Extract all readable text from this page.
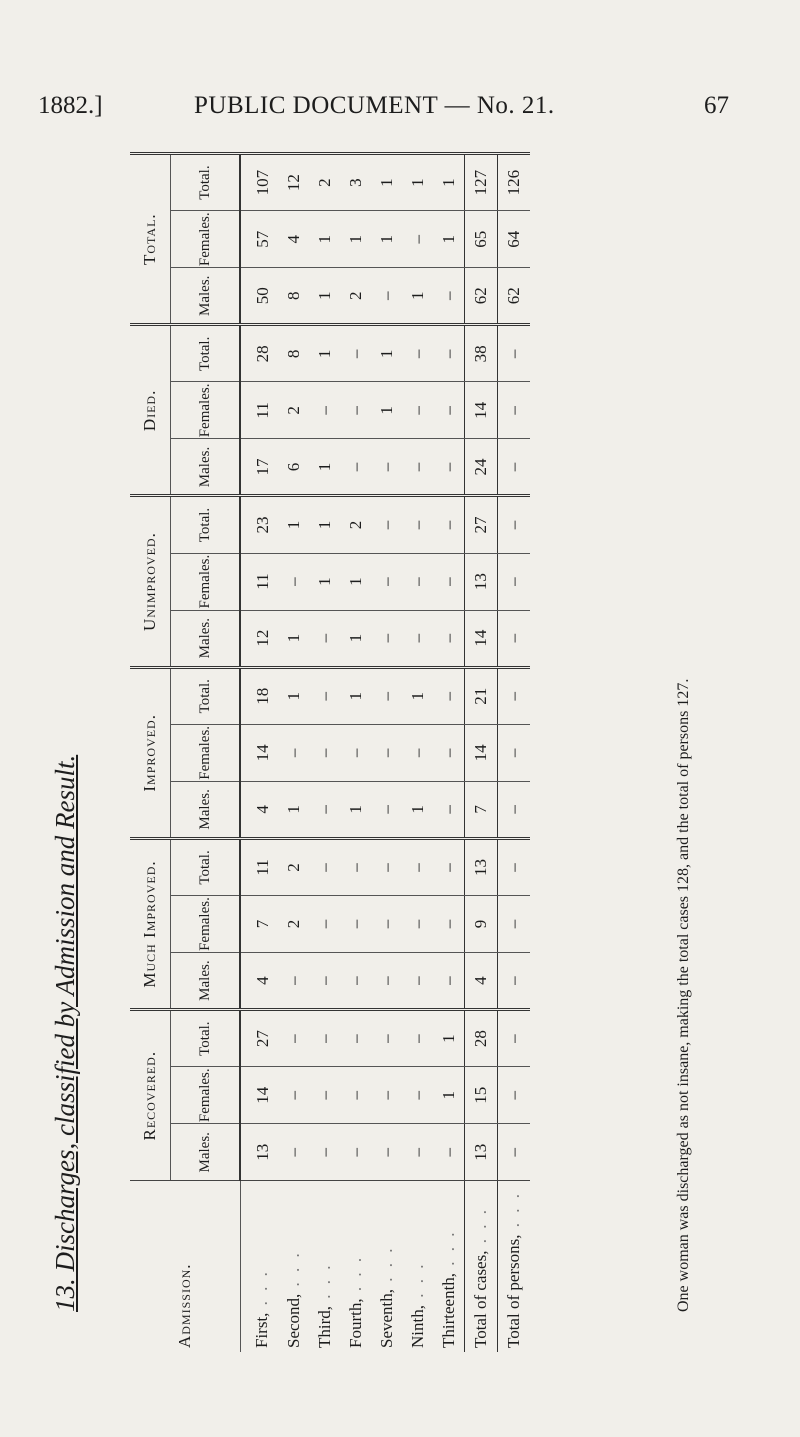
1882.]	PUBLIC DOCUMENT — No. 21.	67
13. Discharges, classified by Admission and Result.	Admission.	Recovered.			Much Improved.			Improved.			Unimproved.			Died.			Total.		
	Males.	Females.	Total.	Males.	Females.	Total.	Males.	Females.	Total.	Males.	Females.	Total.	Males.	Females.	Total.	Males.	Females.	Total.
First, . . .	13	14	27	4	7	11	4	14	18	12	11	23	17	11	28	50	57	107
Second, . . .	–	–	–	–	2	2	1	–	1	1	–	1	6	2	8	8	4	12
Third, . . .	–	–	–	–	–	–	–	–	–	–	1	1	1	–	1	1	1	2
Fourth, . . .	–	–	–	–	–	–	1	–	1	1	1	2	–	–	–	2	1	3
Seventh, . . .	–	–	–	–	–	–	–	–	–	–	–	–	–	1	1	–	1	1
Ninth, . . .	–	–	–	–	–	–	1	–	1	–	–	–	–	–	–	1	–	1
Thirteenth, . . .	–	1	1	–	–	–	–	–	–	–	–	–	–	–	–	–	1	1
Total of cases, . . .	13	15	28	4	9	13	7	14	21	14	13	27	24	14	38	62	65	127
Total of persons, . . .	–	–	–	–	–	–	–	–	–	–	–	–	–	–	–	62	64	126
One woman was discharged as not insane, making the total cases 128, and the total of persons 127.
